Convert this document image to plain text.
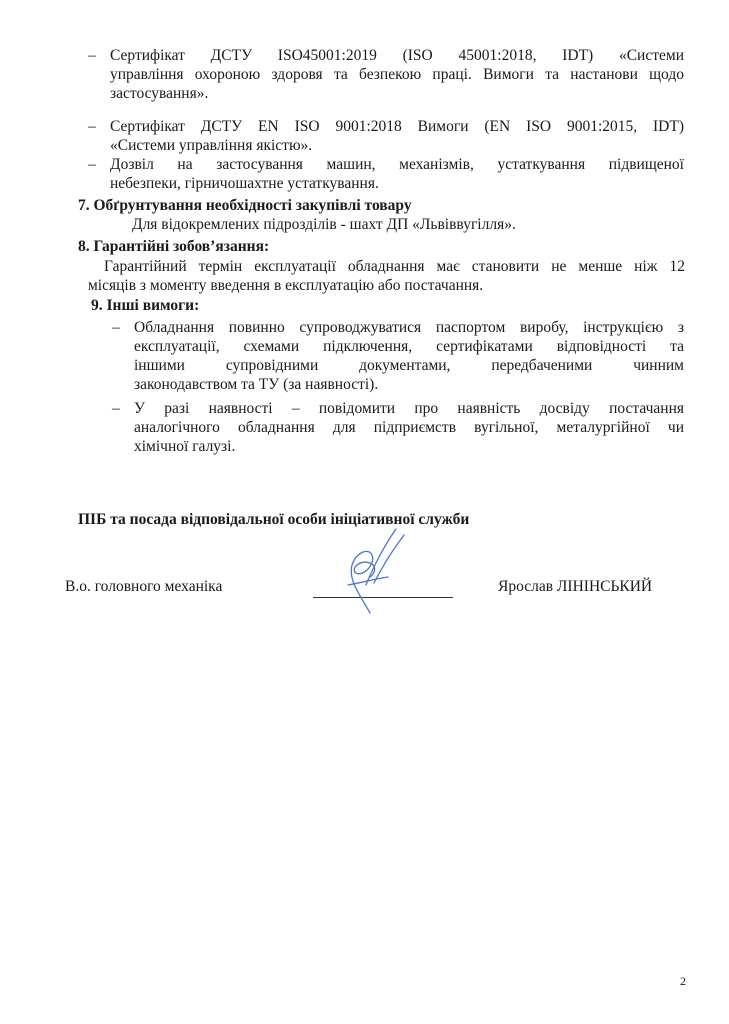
– Сертифікат ДСТУ ISO45001:2019 (ISO 45001:2018, IDT) «Системи
управління охороною здоровя та безпекою праці. Вимоги та настанови щодо
застосування».
– Сертифікат ДСТУ EN ISO 9001:2018 Вимоги (EN ISO 9001:2015, IDT)
«Системи управління якістю».
– Дозвіл на застосування машин, механізмів, устаткування підвищеної
небезпеки, гірничошахтне устаткування.
7. Обґрунтування необхідності закупівлі товару
Для відокремлених підрозділів - шахт ДП «Львіввугілля».
8. Гарантійні зобов’язання:
Гарантійний термін експлуатації обладнання має становити не менше ніж 12
місяців з моменту введення в експлуатацію або постачання.
9. Інші вимоги:
– Обладнання повинно супроводжуватися паспортом виробу, інструкцією з
експлуатації, схемами підключення, сертифікатами відповідності та
іншими супровідними документами, передбаченими чинним
законодавством та ТУ (за наявності).
– У разі наявності – повідомити про наявність досвіду постачання
аналогічного обладнання для підприємств вугільної, металургійної чи
хімічної галузі.
ПІБ та посада відповідальної особи ініціативної служби
В.о. головного механіка	Ярослав ЛІНІНСЬКИЙ
2
